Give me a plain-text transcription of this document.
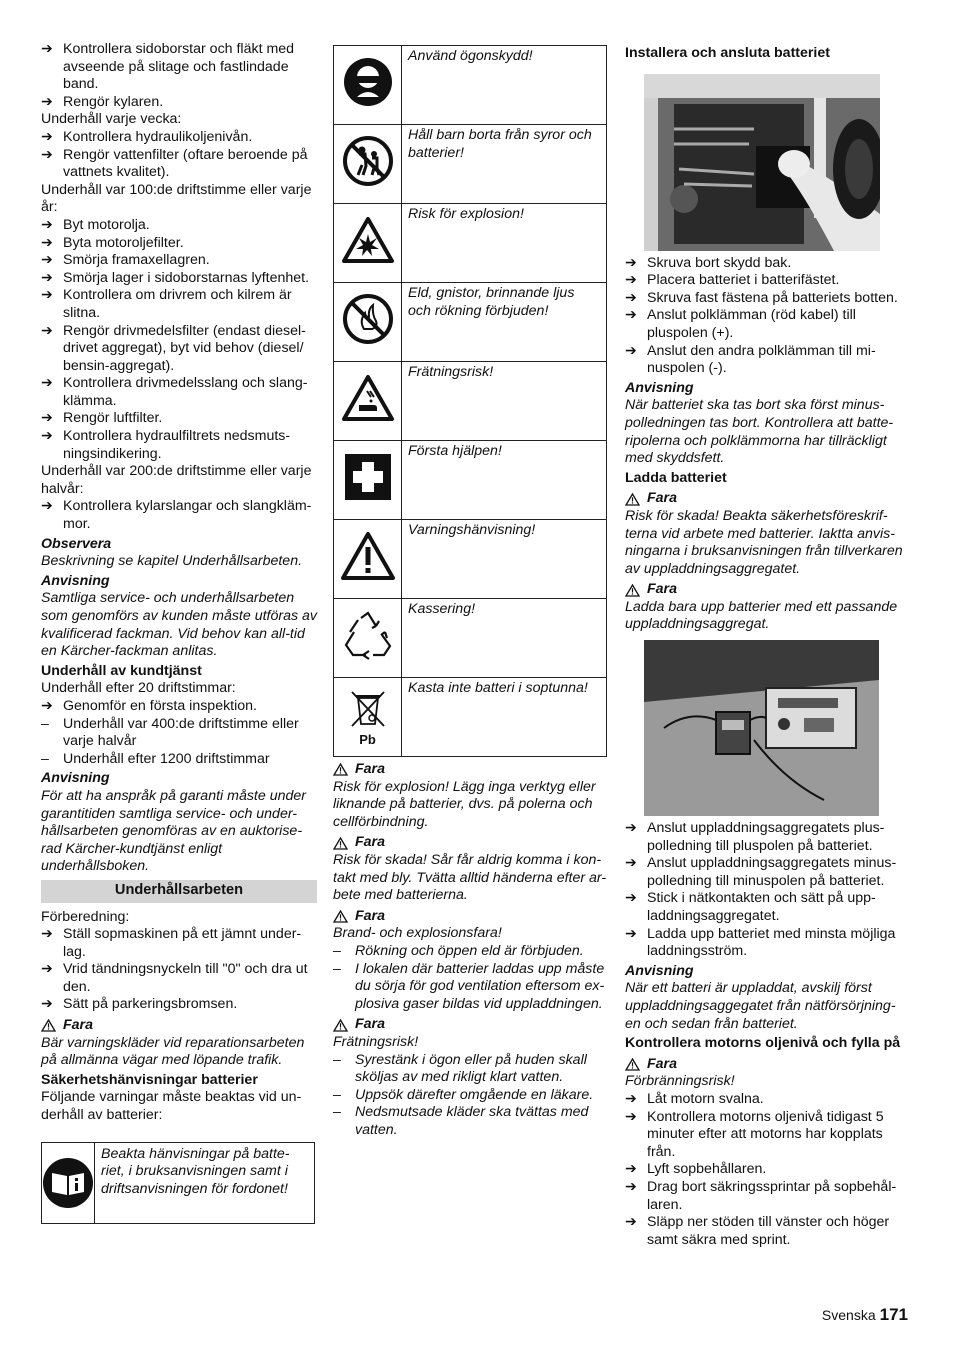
➔ Kontrollera sidoborstar och fläkt med avseende på slitage och fastlindade band.
➔ Rengör kylaren.
Underhåll varje vecka:
➔ Kontrollera hydraulikoljenivån.
➔ Rengör vattenfilter (oftare beroende på vattnets kvalitet).
Underhåll var 100:de driftstimme eller varje år:
➔ Byt motorolja.
➔ Byta motoroljefilter.
➔ Smörja framaxellagren.
➔ Smörja lager i sidoborstarnas lyftenhet.
➔ Kontrollera om drivrem och kilrem är slitna.
➔ Rengör drivmedelsfilter (endast diesel-drivet aggregat), byt vid behov (diesel/ bensin-aggregat).
➔ Kontrollera drivmedelsslang och slang-klämma.
➔ Rengör luftfilter.
➔ Kontrollera hydraulfiltrets nedsmuts-ningsindikering.
Underhåll var 200:de driftstimme eller varje halvår:
➔ Kontrollera kylarslangar och slangkläm-mor.
Observera
Beskrivning se kapitel Underhållsarbeten.
Anvisning
Samtliga service- och underhållsarbeten som genomförs av kunden måste utföras av kvalificerad fackman. Vid behov kan all-tid en Kärcher-fackman anlitas.
Underhåll av kundtjänst
Underhåll efter 20 driftstimmar:
➔ Genomför en första inspektion.
– Underhåll var 400:de driftstimme eller varje halvår
– Underhåll efter 1200 driftstimmar
Anvisning
För att ha anspråk på garanti måste under garantitiden samtliga service- och under-hållsarbeten genomföras av en auktorise-rad Kärcher-kundtjänst enligt underhållsboken.
Underhållsarbeten
Förberedning:
➔ Ställ sopmaskinen på ett jämnt under-lag.
➔ Vrid tändningsnyckeln till "0" och dra ut den.
➔ Sätt på parkeringsbromsen.
Fara
Bär varningskläder vid reparationsarbeten på allmänna vägar med löpande trafik.
Säkerhetshänvisningar batterier
Följande varningar måste beaktas vid un-derhåll av batterier:
Beakta hänvisningar på batte-riet, i bruksanvisningen samt i driftsanvisningen för fordonet!
	Använd ögonskydd!
	Håll barn borta från syror och batterier!
	Risk för explosion!
	Eld, gnistor, brinnande ljus och rökning förbjuden!
	Frätningsrisk!
	Första hjälpen!
	Varningshänvisning!
	Kassering!

Pb	Kasta inte batteri i soptunna!
Fara
Risk för explosion! Lägg inga verktyg eller liknande på batterier, dvs. på polerna och cellförbindning.
Fara
Risk för skada! Sår får aldrig komma i kon-takt med bly. Tvätta alltid händerna efter ar-bete med batterierna.
Fara
Brand- och explosionsfara!
– Rökning och öppen eld är förbjuden.
– I lokalen där batterier laddas upp måste du sörja för god ventilation eftersom ex-plosiva gaser bildas vid uppladdningen.
Fara
Frätningsrisk!
– Syrestänk i ögon eller på huden skall sköljas av med rikligt klart vatten.
– Uppsök därefter omgående en läkare.
– Nedsmutsade kläder ska tvättas med vatten.
Installera och ansluta batteriet
➔ Skruva bort skydd bak.
➔ Placera batteriet i batterifästet.
➔ Skruva fast fästena på batteriets botten.
➔ Anslut polklämman (röd kabel) till pluspolen (+).
➔ Anslut den andra polklämman till mi-nuspolen (-).
Anvisning
När batteriet ska tas bort ska först minus-polledningen tas bort. Kontrollera att batte-ripolerna och polklämmorna har tillräckligt med skyddsfett.
Ladda batteriet
Fara
Risk för skada! Beakta säkerhetsföreskrif-terna vid arbete med batterier. Iakttа anvis-ningarna i bruksanvisningen från tillverkaren av uppladdningsaggregatet.
Fara
Ladda bara upp batterier med ett passande uppladdningsaggregat.
➔ Anslut uppladdningsaggregatets plus-polledning till pluspolen på batteriet.
➔ Anslut uppladdningsaggregatets minus-polledning till minuspolen på batteriet.
➔ Stick i nätkontakten och sätt på upp-laddningsaggregatet.
➔ Ladda upp batteriet med minsta möjliga laddningsström.
Anvisning
När ett batteri är uppladdat, avskilj först uppladdningsaggegatet från nätförsörjning-en och sedan från batteriet.
Kontrollera motorns oljenivå och fylla på
Fara
Förbränningsrisk!
➔ Låt motorn svalna.
➔ Kontrollera motorns oljenivå tidigast 5 minuter efter att motorns har kopplats från.
➔ Lyft sopbehållaren.
➔ Drag bort säkringssprintar på sopbehål-laren.
➔ Släpp ner stöden till vänster och höger samt säkra med sprint.
Svenska 171
